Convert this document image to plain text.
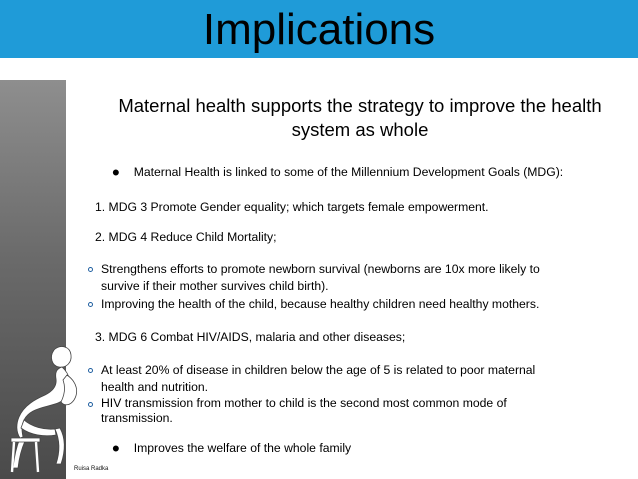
Implications
Ruisa Radka
Maternal health supports the strategy to improve the health system as whole
• Maternal Health is linked to some of the Millennium Development Goals (MDG):
1. MDG 3 Promote Gender equality; which targets female empowerment.
2. MDG 4 Reduce Child Mortality;
Strengthens efforts to promote newborn survival (newborns are 10x more likely to survive if their mother survives child birth).
Improving the health of the child, because healthy children need healthy mothers.
3. MDG 6 Combat HIV/AIDS, malaria and other diseases;
At least 20% of disease in children below the age of 5 is related to poor maternal health and nutrition.
HIV transmission from mother to child is the second most common mode of transmission.
• Improves the welfare of the whole family
